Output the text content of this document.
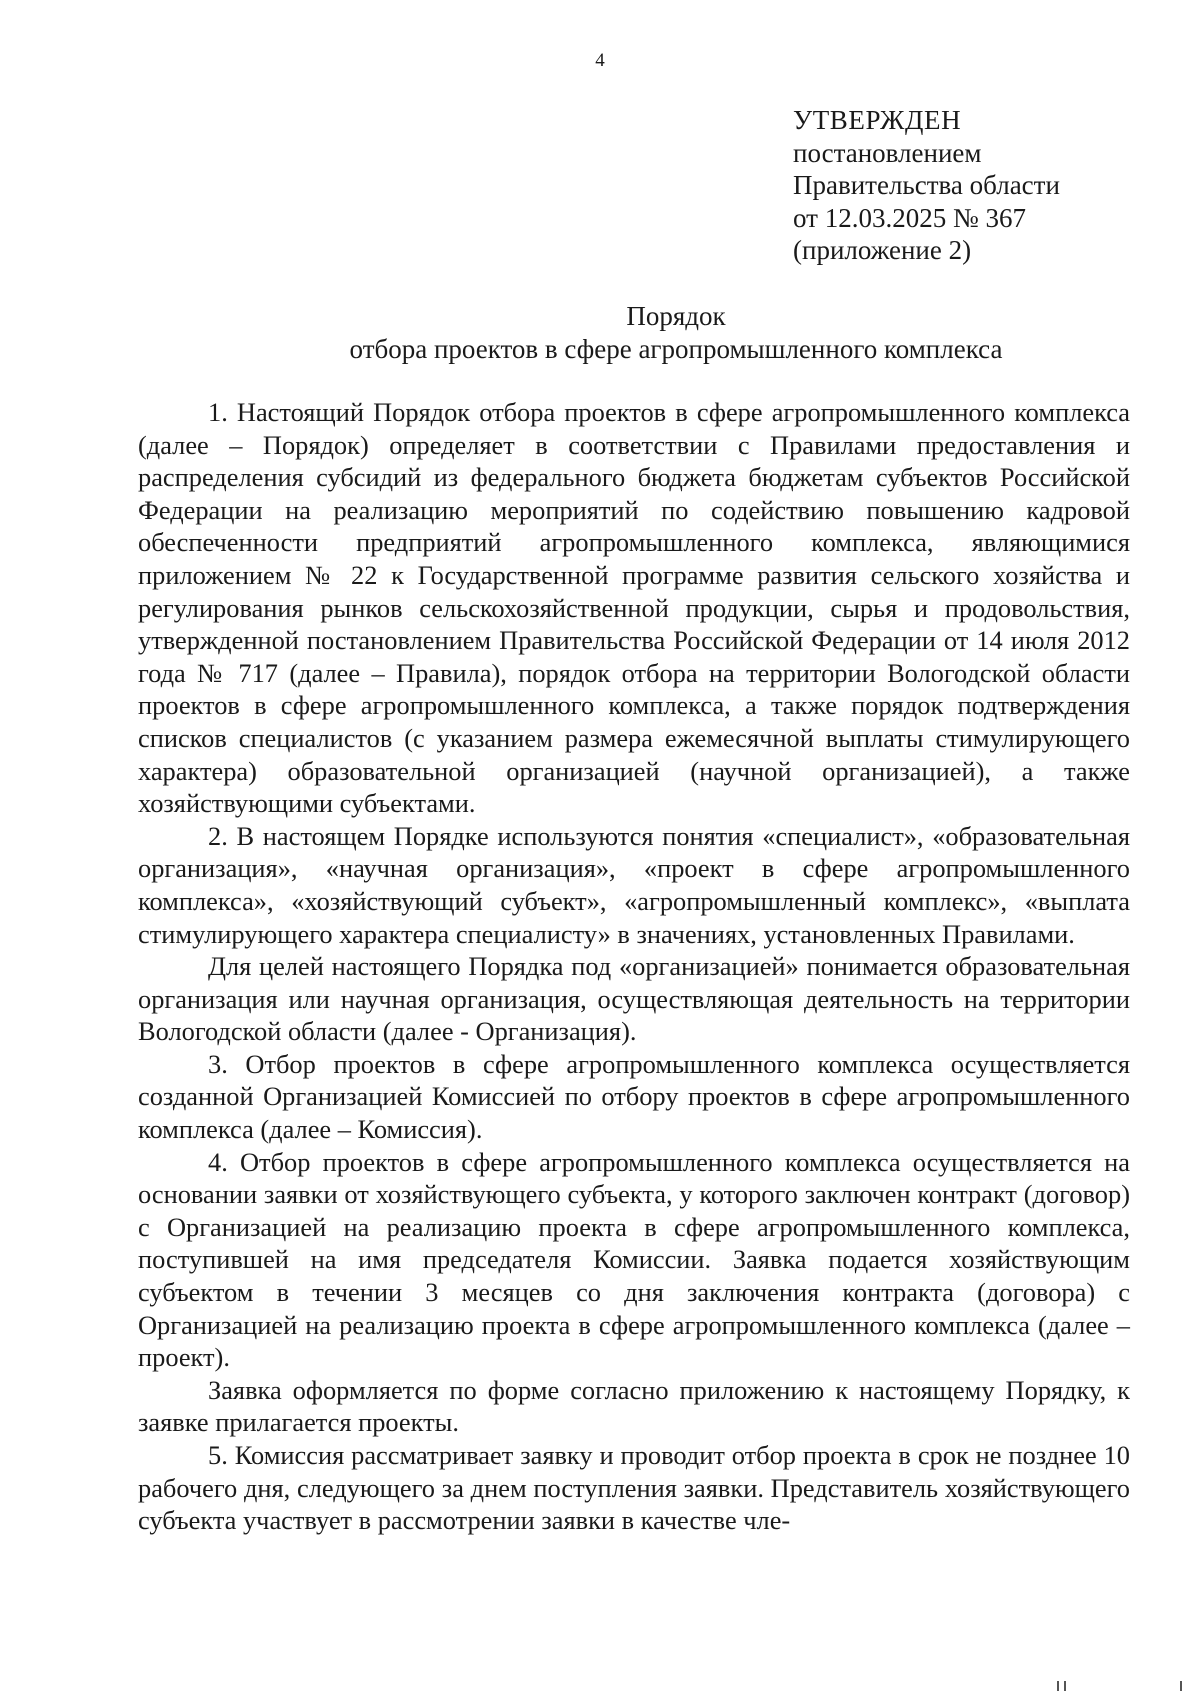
4
УТВЕРЖДЕН
постановлением
Правительства области
от 12.03.2025 № 367
(приложение 2)
Порядок
отбора проектов в сфере агропромышленного комплекса

1. Настоящий Порядок отбора проектов в сфере агропромышленного комплекса (далее – Порядок) определяет в соответствии с Правилами предоставления и распределения субсидий из федерального бюджета бюджетам субъектов Российской Федерации на реализацию мероприятий по содействию повышению кадровой обеспеченности предприятий агропромышленного комплекса, являющимися приложением № 22 к Государственной программе развития сельского хозяйства и регулирования рынков сельскохозяйственной продукции, сырья и продовольствия, утвержденной постановлением Правительства Российской Федерации от 14 июля 2012 года № 717 (далее – Правила), порядок отбора на территории Вологодской области проектов в сфере агропромышленного комплекса, а также порядок подтверждения списков специалистов (с указанием размера ежемесячной выплаты стимулирующего характера) образовательной организацией (научной организацией), а также хозяйствующими субъектами.

2. В настоящем Порядке используются понятия «специалист», «образовательная организация», «научная организация», «проект в сфере агропромышленного комплекса», «хозяйствующий субъект», «агропромышленный комплекс», «выплата стимулирующего характера специалисту» в значениях, установленных Правилами.

Для целей настоящего Порядка под «организацией» понимается образовательная организация или научная организация, осуществляющая деятельность на территории Вологодской области (далее - Организация).

3. Отбор проектов в сфере агропромышленного комплекса осуществляется созданной Организацией Комиссией по отбору проектов в сфере агропромышленного комплекса (далее – Комиссия).

4. Отбор проектов в сфере агропромышленного комплекса осуществляется на основании заявки от хозяйствующего субъекта, у которого заключен контракт (договор) с Организацией на реализацию проекта в сфере агропромышленного комплекса, поступившей на имя председателя Комиссии. Заявка подается хозяйствующим субъектом в течении 3 месяцев со дня заключения контракта (договора) с Организацией на реализацию проекта в сфере агропромышленного комплекса (далее – проект).

Заявка оформляется по форме согласно приложению к настоящему Порядку, к заявке прилагается проекты.

5. Комиссия рассматривает заявку и проводит отбор проекта в срок не позднее 10 рабочего дня, следующего за днем поступления заявки. Представитель хозяйствующего субъекта участвует в рассмотрении заявки в качестве чле-
